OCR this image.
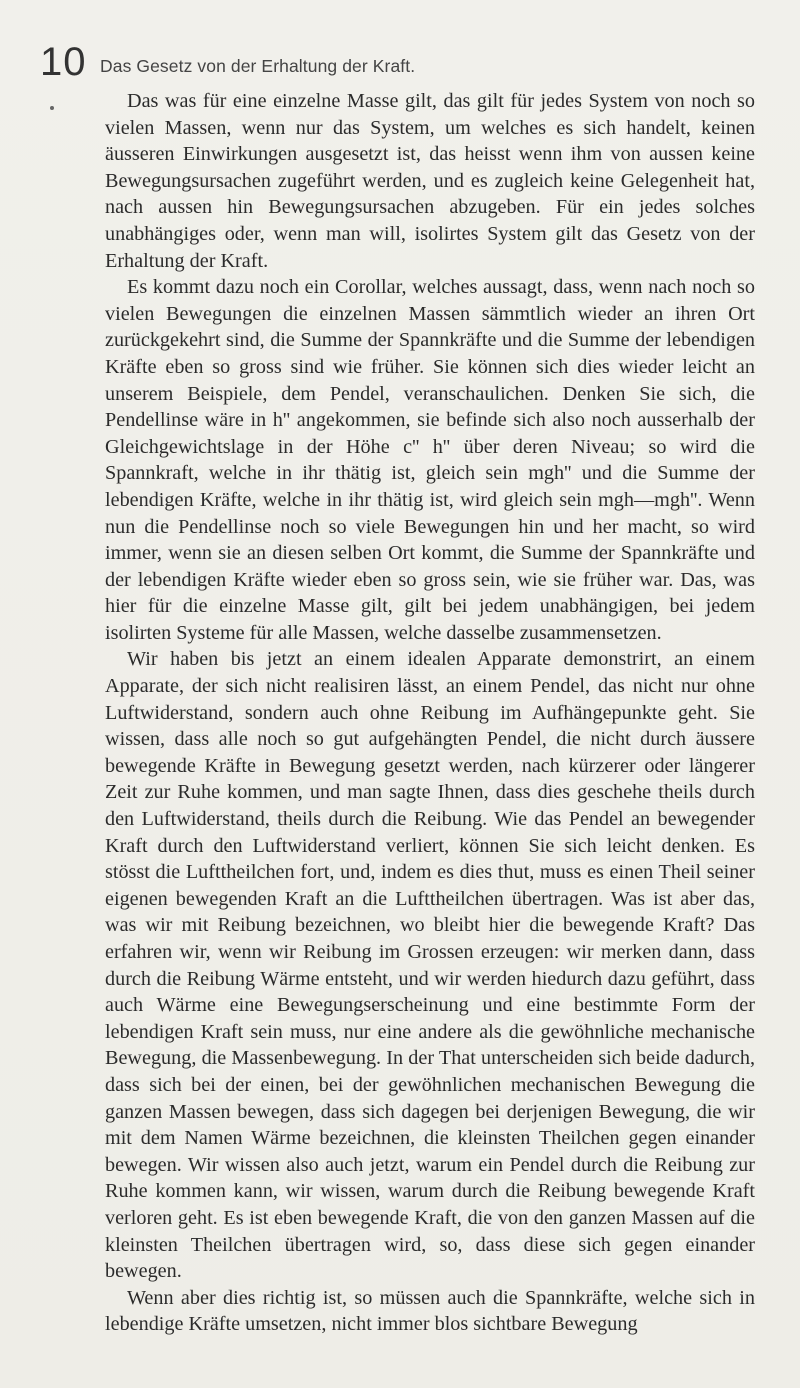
10 Das Gesetz von der Erhaltung der Kraft.

Das was für eine einzelne Masse gilt, das gilt für jedes System von noch so vielen Massen, wenn nur das System, um welches es sich handelt, keinen äusseren Einwirkungen ausgesetzt ist, das heisst wenn ihm von aussen keine Bewegungsursachen zugeführt werden, und es zugleich keine Gelegenheit hat, nach aussen hin Bewegungsursachen abzugeben. Für ein jedes solches unabhängiges oder, wenn man will, isolirtes System gilt das Gesetz von der Erhaltung der Kraft.

Es kommt dazu noch ein Corollar, welches aussagt, dass, wenn nach noch so vielen Bewegungen die einzelnen Massen sämmtlich wieder an ihren Ort zurückgekehrt sind, die Summe der Spannkräfte und die Summe der lebendigen Kräfte eben so gross sind wie früher. Sie können sich dies wieder leicht an unserem Beispiele, dem Pendel, veranschaulichen. Denken Sie sich, die Pendellinse wäre in h'' angekommen, sie befinde sich also noch ausserhalb der Gleichgewichtslage in der Höhe c'' h'' über deren Niveau; so wird die Spannkraft, welche in ihr thätig ist, gleich sein mgh'' und die Summe der lebendigen Kräfte, welche in ihr thätig ist, wird gleich sein mgh—mgh''. Wenn nun die Pendellinse noch so viele Bewegungen hin und her macht, so wird immer, wenn sie an diesen selben Ort kommt, die Summe der Spannkräfte und der lebendigen Kräfte wieder eben so gross sein, wie sie früher war. Das, was hier für die einzelne Masse gilt, gilt bei jedem unabhängigen, bei jedem isolirten Systeme für alle Massen, welche dasselbe zusammensetzen.

Wir haben bis jetzt an einem idealen Apparate demonstrirt, an einem Apparate, der sich nicht realisiren lässt, an einem Pendel, das nicht nur ohne Luftwiderstand, sondern auch ohne Reibung im Aufhängepunkte geht. Sie wissen, dass alle noch so gut aufgehängten Pendel, die nicht durch äussere bewegende Kräfte in Bewegung gesetzt werden, nach kürzerer oder längerer Zeit zur Ruhe kommen, und man sagte Ihnen, dass dies geschehe theils durch den Luftwiderstand, theils durch die Reibung. Wie das Pendel an bewegender Kraft durch den Luftwiderstand verliert, können Sie sich leicht denken. Es stösst die Lufttheilchen fort, und, indem es dies thut, muss es einen Theil seiner eigenen bewegenden Kraft an die Lufttheilchen übertragen. Was ist aber das, was wir mit Reibung bezeichnen, wo bleibt hier die bewegende Kraft? Das erfahren wir, wenn wir Reibung im Grossen erzeugen: wir merken dann, dass durch die Reibung Wärme entsteht, und wir werden hiedurch dazu geführt, dass auch Wärme eine Bewegungserscheinung und eine bestimmte Form der lebendigen Kraft sein muss, nur eine andere als die gewöhnliche mechanische Bewegung, die Massenbewegung. In der That unterscheiden sich beide dadurch, dass sich bei der einen, bei der gewöhnlichen mechanischen Bewegung die ganzen Massen bewegen, dass sich dagegen bei derjenigen Bewegung, die wir mit dem Namen Wärme bezeichnen, die kleinsten Theilchen gegen einander bewegen. Wir wissen also auch jetzt, warum ein Pendel durch die Reibung zur Ruhe kommen kann, wir wissen, warum durch die Reibung bewegende Kraft verloren geht. Es ist eben bewegende Kraft, die von den ganzen Massen auf die kleinsten Theilchen übertragen wird, so, dass diese sich gegen einander bewegen.

Wenn aber dies richtig ist, so müssen auch die Spannkräfte, welche sich in lebendige Kräfte umsetzen, nicht immer blos sichtbare Bewegung
